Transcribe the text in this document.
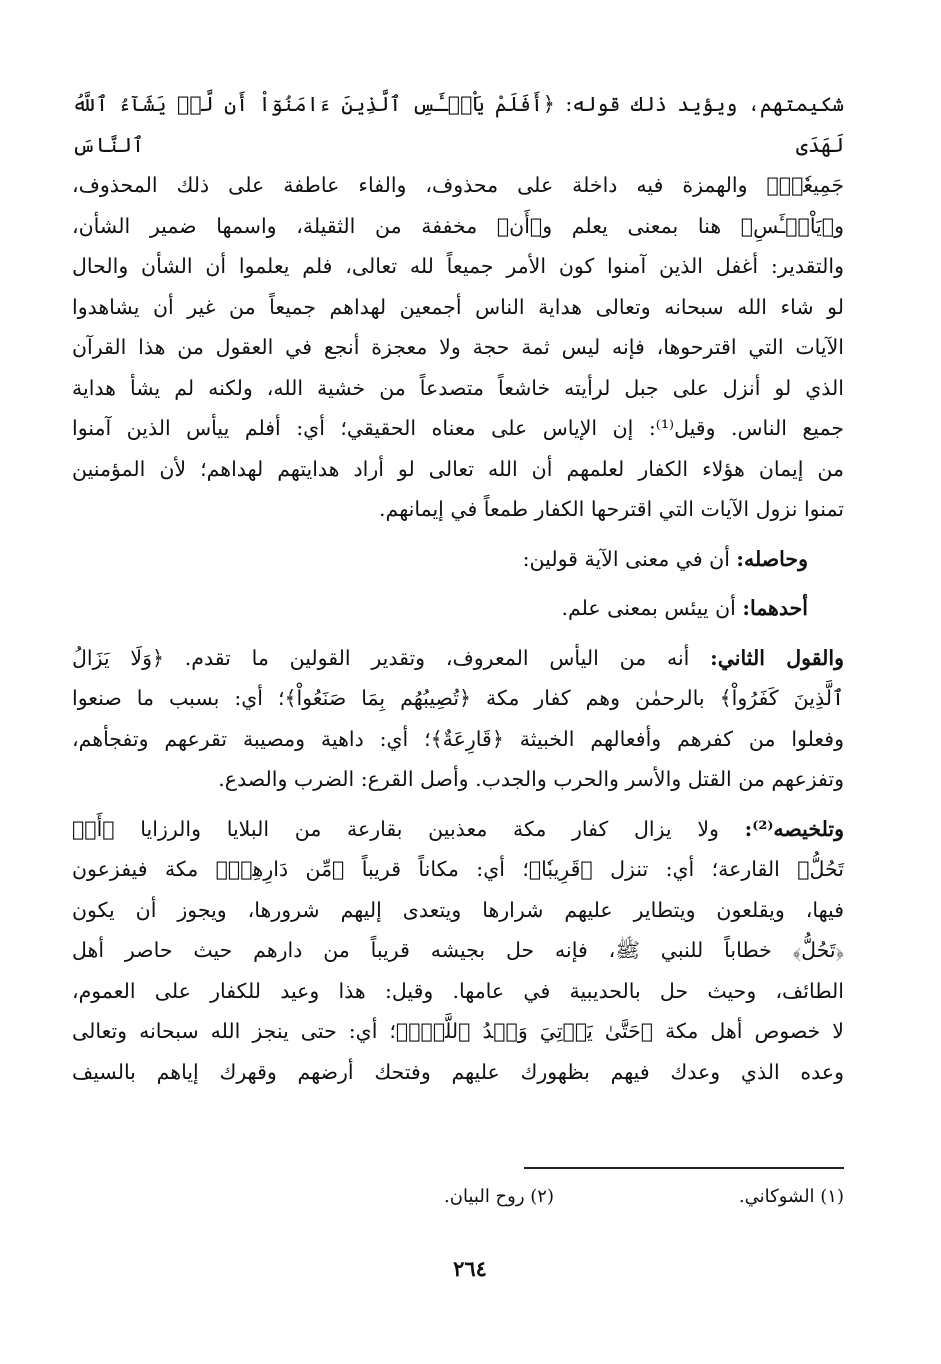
شكيمتهم، ويؤيد ذلك قوله: ﴿أَفَلَمْ يَاْيۡـَٔسِ ٱلَّذِينَ ءَامَنُوٓاْ أَن لَّوۡ يَشَآءُ ٱللَّهُ لَهَدَى ٱلنَّاسَ
جَمِيعٗاۗ﴾ والهمزة فيه داخلة على محذوف، والفاء عاطفة على ذلك المحذوف،
و﴿يَاْيۡـَٔسِ﴾ هنا بمعنى يعلم و﴿أَن﴾ مخففة من الثقيلة، واسمها ضمير الشأن،
والتقدير: أغفل الذين آمنوا كون الأمر جميعاً لله تعالى، فلم يعلموا أن الشأن والحال
لو شاء الله سبحانه وتعالى هداية الناس أجمعين لهداهم جميعاً من غير أن يشاهدوا
الآيات التي اقترحوها، فإنه ليس ثمة حجة ولا معجزة أنجع في العقول من هذا القرآن
الذي لو أنزل على جبل لرأيته خاشعاً متصدعاً من خشية الله، ولكنه لم يشأ هداية
جميع الناس. وقيل⁽¹⁾: إن الإياس على معناه الحقيقي؛ أي: أفلم ييأس الذين آمنوا
من إيمان هؤلاء الكفار لعلمهم أن الله تعالى لو أراد هدايتهم لهداهم؛ لأن المؤمنين
تمنوا نزول الآيات التي اقترحها الكفار طمعاً في إيمانهم.
وحاصله: أن في معنى الآية قولين:
أحدهما: أن ييئس بمعنى علم.
والقول الثاني: أنه من اليأس المعروف، وتقدير القولين ما تقدم. ﴿وَلَا يَزَالُ
ٱلَّذِينَ كَفَرُواْ﴾ بالرحمٰن وهم كفار مكة ﴿تُصِيبُهُم بِمَا صَنَعُواْ﴾؛ أي: بسبب ما صنعوا
وفعلوا من كفرهم وأفعالهم الخبيثة ﴿قَارِعَةٌ﴾؛ أي: داهية ومصيبة تقرعهم وتفجأهم،
وتفزعهم من القتل والأسر والحرب والجدب. وأصل القرع: الضرب والصدع.
وتلخيصه⁽²⁾: ولا يزال كفار مكة معذبين بقارعة من البلايا والرزايا ﴿أَوۡ
تَحُلُّ﴾ القارعة؛ أي: تنزل ﴿قَرِيبٗا﴾؛ أي: مكاناً قريباً ﴿مِّن دَارِهِمۡ﴾ مكة فيفزعون
فيها، ويقلعون ويتطاير عليهم شرارها ويتعدى إليهم شرورها، ويجوز أن يكون
﴿تَحُلُّ﴾ خطاباً للنبي ﷺ، فإنه حل بجيشه قريباً من دارهم حيث حاصر أهل
الطائف، وحيث حل بالحديبية في عامها. وقيل: هذا وعيد للكفار على العموم،
لا خصوص أهل مكة ﴿حَتَّىٰ يَأۡتِيَ وَعۡدُ ٱللَّهِۚ﴾؛ أي: حتى ينجز الله سبحانه وتعالى
وعده الذي وعدك فيهم بظهورك عليهم وفتحك أرضهم وقهرك إياهم بالسيف
(١) الشوكاني.
(٢) روح البيان.
٢٦٤
